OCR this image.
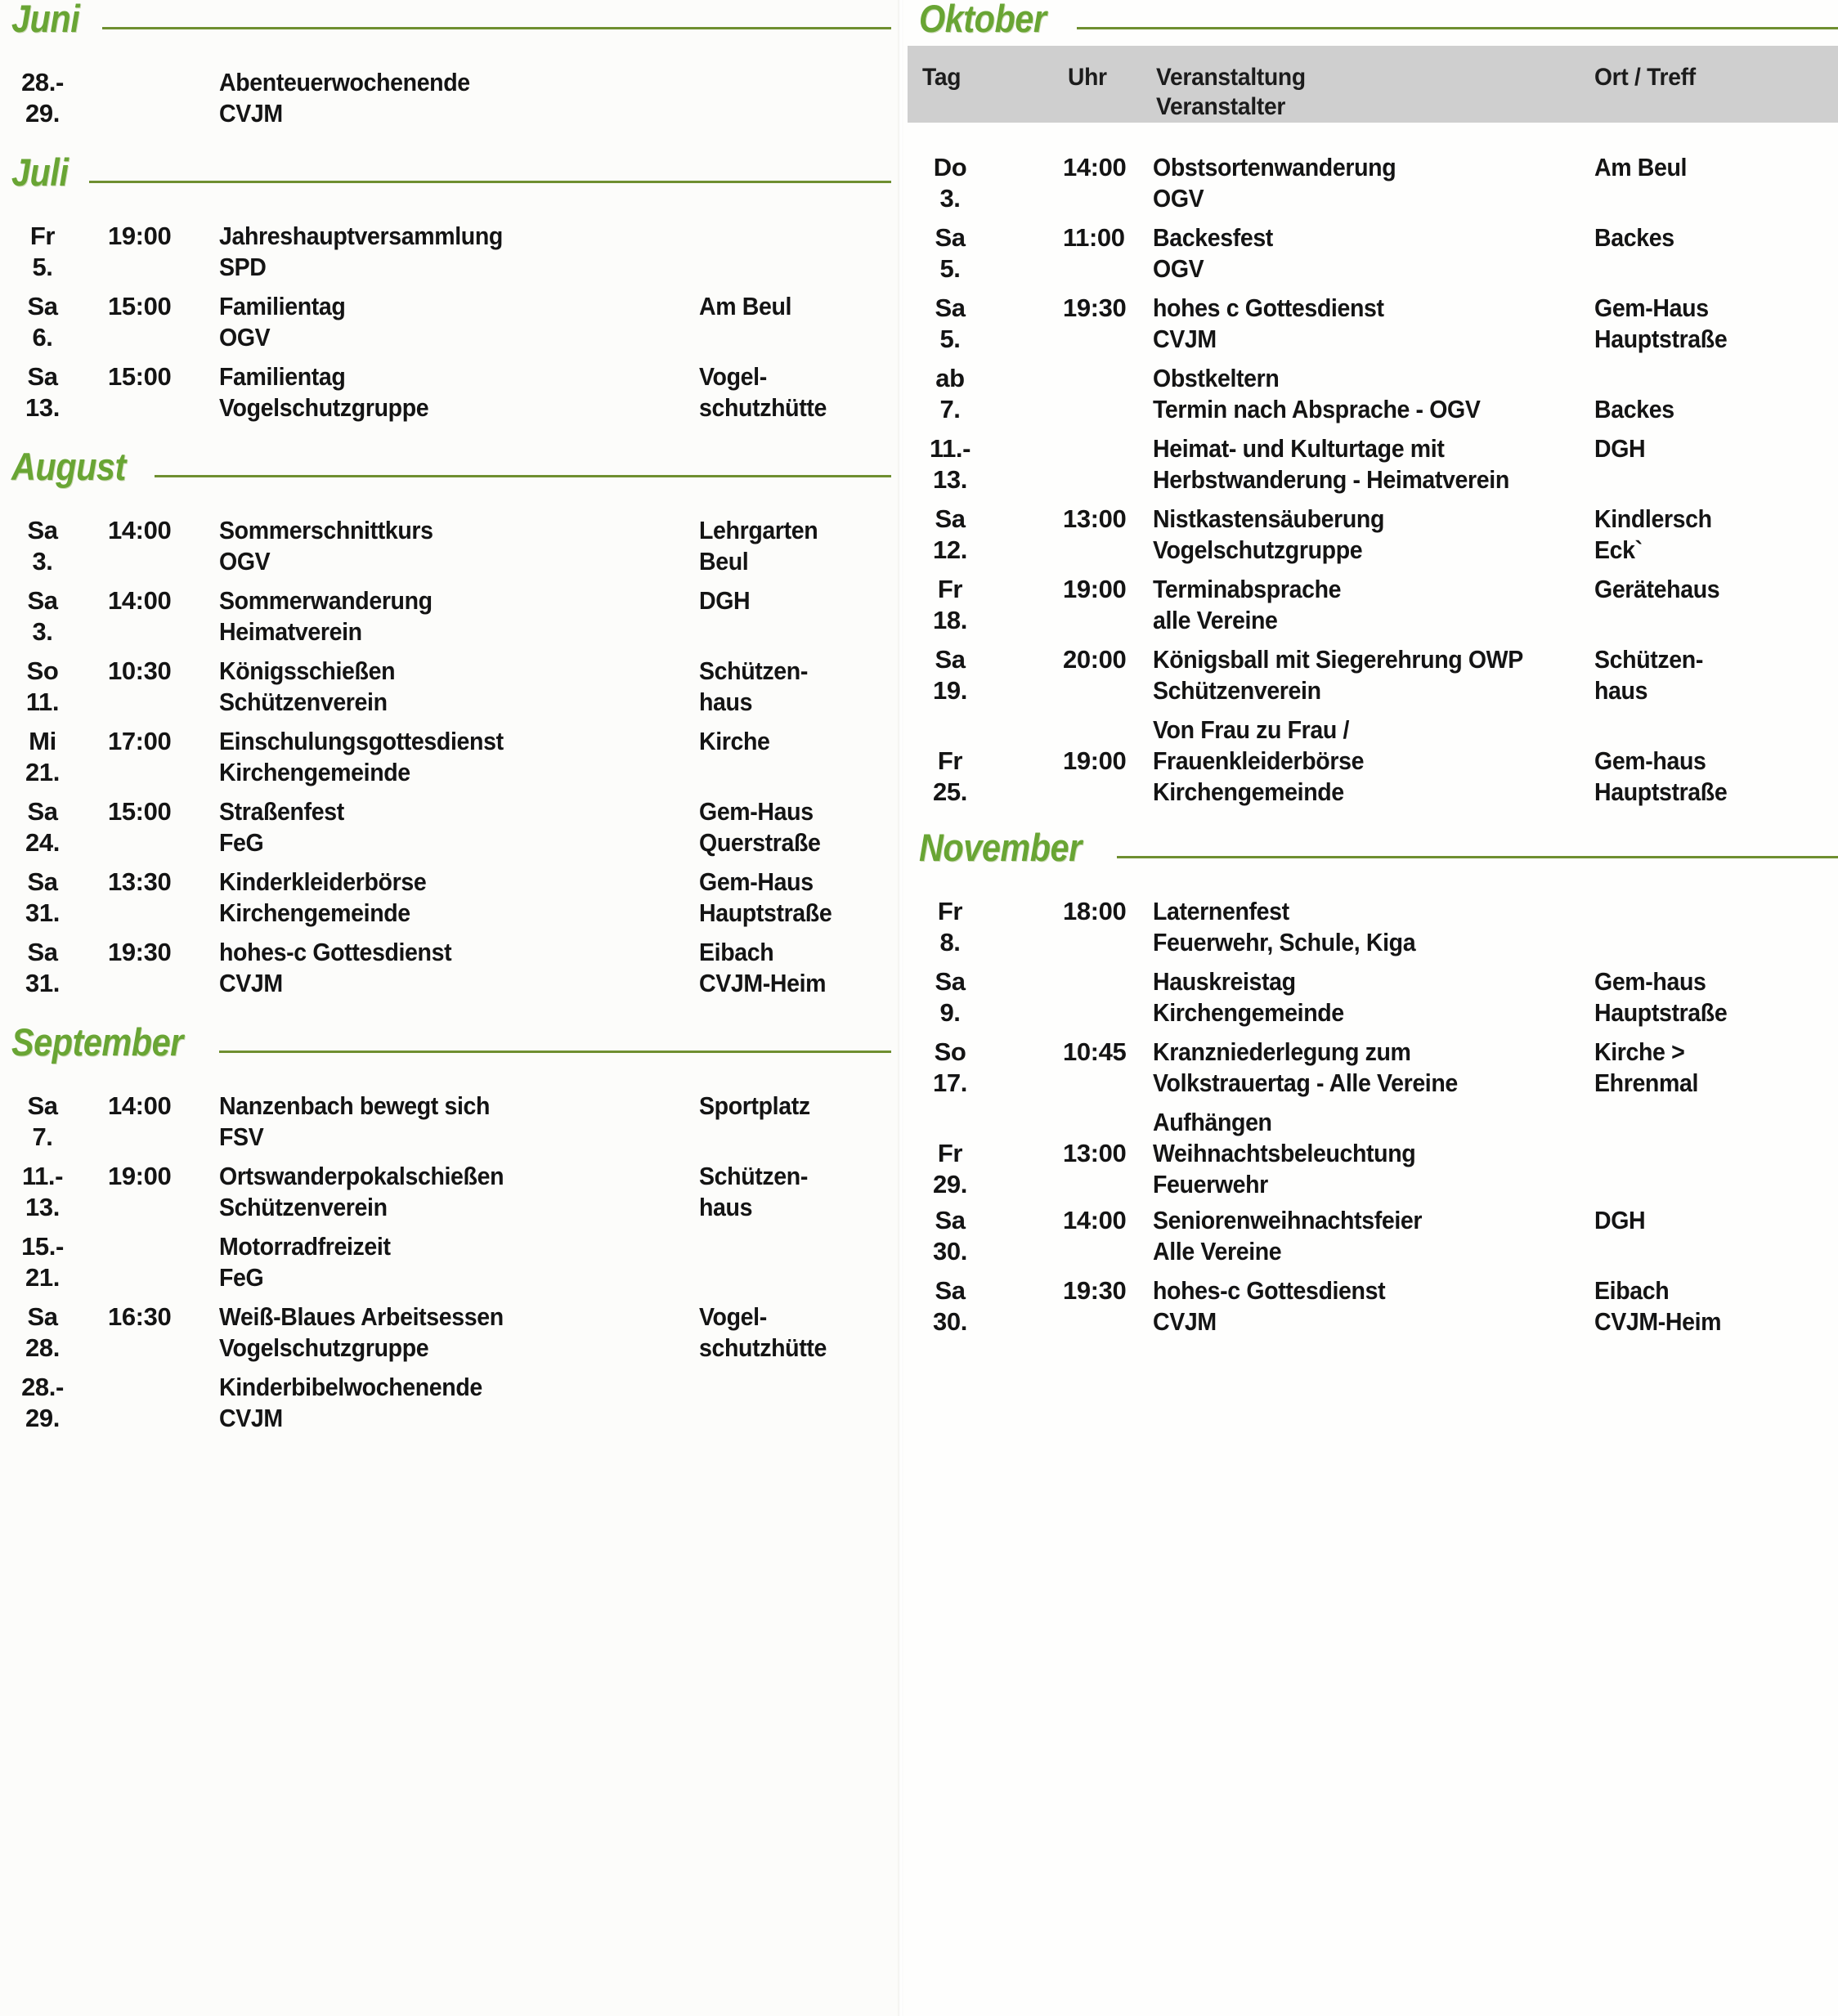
Juni
28.-
29.
Abenteuerwochenende
CVJM
Juli
Fr
5.
19:00 Jahreshauptversammlung
SPD
Sa
6.
15:00 Familientag
OGV
Am Beul
Sa
13.
15:00 Familientag
Vogelschutzgruppe
Vogel-
schutzhütte
August
Sa
3.
14:00 Sommerschnittkurs
OGV
Lehrgarten
Beul
Sa
3.
14:00 Sommerwanderung
Heimatverein
DGH
So
11.
10:30 Königsschießen
Schützenverein
Schützen-
haus
Mi
21.
17:00 Einschulungsgottesdienst
Kirchengemeinde
Kirche
Sa
24.
15:00 Straßenfest
FeG
Gem-Haus
Querstraße
Sa
31.
13:30 Kinderkleiderbörse
Kirchengemeinde
Gem-Haus
Hauptstraße
Sa
31.
19:30 hohes-c Gottesdienst
CVJM
Eibach
CVJM-Heim
September
Sa
7.
14:00 Nanzenbach bewegt sich
FSV
Sportplatz
11.-
13.
19:00 Ortswanderpokalschießen
Schützenverein
Schützen-
haus
15.-
21.
Motorradfreizeit
FeG
Sa
28.
16:30 Weiß-Blaues Arbeitsessen
Vogelschutzgruppe
Vogel-
schutzhütte
28.-
29.
Kinderbibelwochenende
CVJM
Oktober
Tag	Uhr Veranstaltung
Veranstalter
Ort / Treff
Do
3.
14:00 Obstsortenwanderung
OGV
Am Beul
Sa
5.
11:00 Backesfest
OGV
Backes
Sa
5.
19:30 hohes c Gottesdienst
CVJM
Gem-Haus
Hauptstraße
ab
7.
Obstkeltern
Termin nach Absprache - OGV	Backes
11.-
13.
Heimat- und Kulturtage mit
Herbstwanderung - Heimatverein
DGH
Sa
12.
13:00 Nistkastensäuberung
Vogelschutzgruppe
Kindlersch
Eck`
Fr
18.
19:00 Terminabsprache
alle Vereine
Gerätehaus
Sa
19.
20:00 Königsball mit Siegerehrung OWP
Schützenverein
Schützen-
haus
Von Frau zu Frau /
Fr
25.
19:00 Frauenkleiderbörse
Kirchengemeinde
Gem-haus
Hauptstraße
November
Fr
8.
18:00 Laternenfest
Feuerwehr, Schule, Kiga
Sa
9.
Hauskreistag
Kirchengemeinde
Gem-haus
Hauptstraße
So
17.
10:45 Kranzniederlegung zum
Volkstrauertag - Alle Vereine
Kirche >
Ehrenmal
Aufhängen
Fr
29.
13:00 Weihnachtsbeleuchtung
Feuerwehr
Sa
30.
14:00 Seniorenweihnachtsfeier
Alle Vereine
DGH
Sa
30.
19:30 hohes-c Gottesdienst
CVJM
Eibach
CVJM-Heim
